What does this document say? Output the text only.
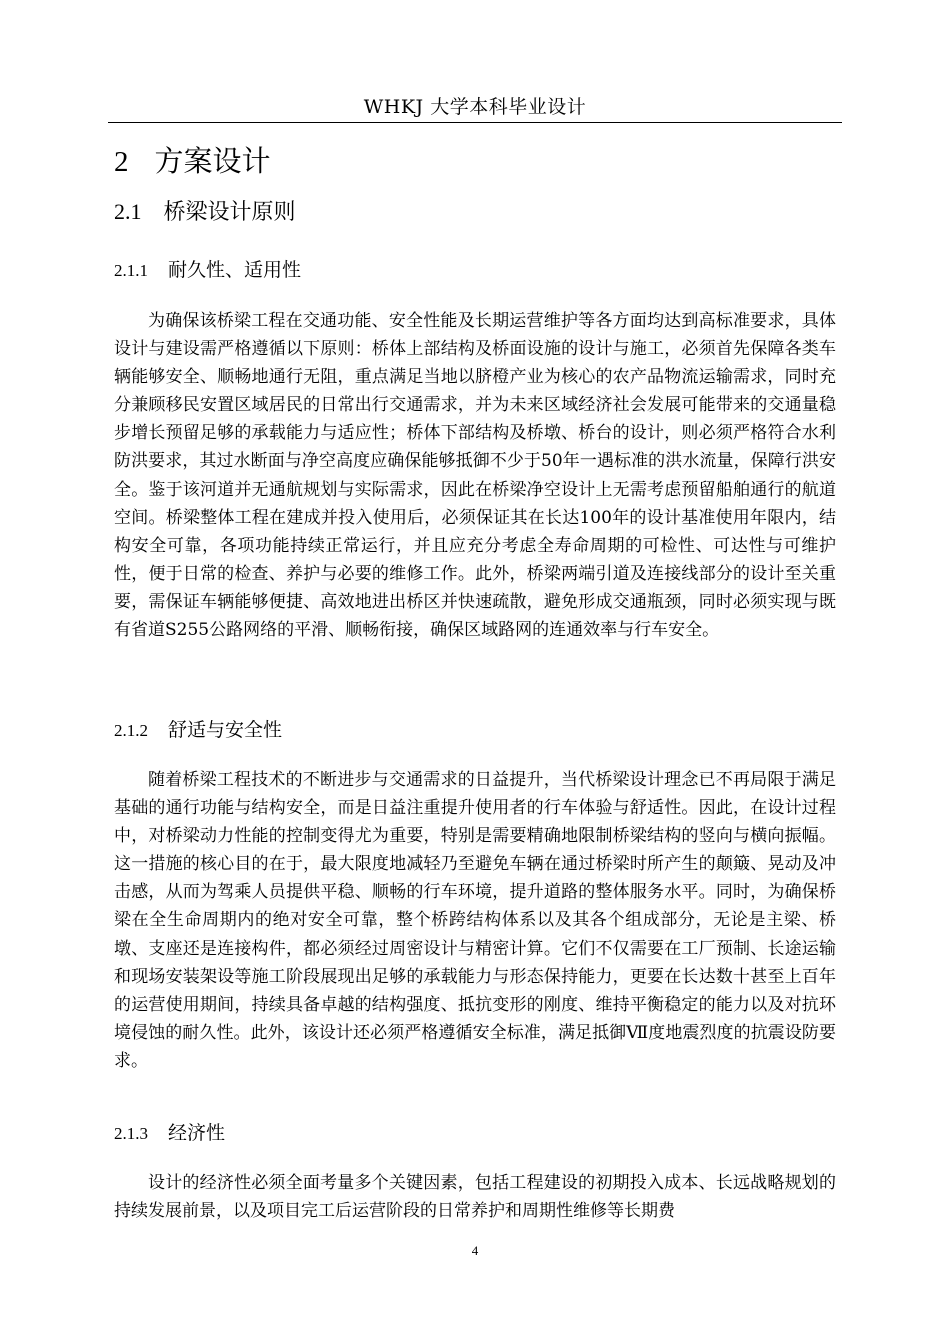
WHKJ 大学本科毕业设计
2 方案设计
2.1 桥梁设计原则
2.1.1 耐久性、适用性

为确保该桥梁工程在交通功能、安全性能及长期运营维护等各方面均达到高标准要求，具体设计与建设需严格遵循以下原则：桥体上部结构及桥面设施的设计与施工，必须首先保障各类车辆能够安全、顺畅地通行无阻，重点满足当地以脐橙产业为核心的农产品物流运输需求，同时充分兼顾移民安置区域居民的日常出行交通需求，并为未来区域经济社会发展可能带来的交通量稳步增长预留足够的承载能力与适应性；桥体下部结构及桥墩、桥台的设计，则必须严格符合水利防洪要求，其过水断面与净空高度应确保能够抵御不少于50年一遇标准的洪水流量，保障行洪安全。鉴于该河道并无通航规划与实际需求，因此在桥梁净空设计上无需考虑预留船舶通行的航道空间。桥梁整体工程在建成并投入使用后，必须保证其在长达100年的设计基准使用年限内，结构安全可靠，各项功能持续正常运行，并且应充分考虑全寿命周期的可检性、可达性与可维护性，便于日常的检查、养护与必要的维修工作。此外，桥梁两端引道及连接线部分的设计至关重要，需保证车辆能够便捷、高效地进出桥区并快速疏散，避免形成交通瓶颈，同时必须实现与既有省道S255公路网络的平滑、顺畅衔接，确保区域路网的连通效率与行车安全。

2.1.2 舒适与安全性

随着桥梁工程技术的不断进步与交通需求的日益提升，当代桥梁设计理念已不再局限于满足基础的通行功能与结构安全，而是日益注重提升使用者的行车体验与舒适性。因此，在设计过程中，对桥梁动力性能的控制变得尤为重要，特别是需要精确地限制桥梁结构的竖向与横向振幅。这一措施的核心目的在于，最大限度地减轻乃至避免车辆在通过桥梁时所产生的颠簸、晃动及冲击感，从而为驾乘人员提供平稳、顺畅的行车环境，提升道路的整体服务水平。同时，为确保桥梁在全生命周期内的绝对安全可靠，整个桥跨结构体系以及其各个组成部分，无论是主梁、桥墩、支座还是连接构件，都必须经过周密设计与精密计算。它们不仅需要在工厂预制、长途运输和现场安装架设等施工阶段展现出足够的承载能力与形态保持能力，更要在长达数十甚至上百年的运营使用期间，持续具备卓越的结构强度、抵抗变形的刚度、维持平衡稳定的能力以及对抗环境侵蚀的耐久性。此外，该设计还必须严格遵循安全标准，满足抵御Ⅶ度地震烈度的抗震设防要求。

2.1.3 经济性

设计的经济性必须全面考量多个关键因素，包括工程建设的初期投入成本、长远战略规划的持续发展前景，以及项目完工后运营阶段的日常养护和周期性维修等长期费

4
